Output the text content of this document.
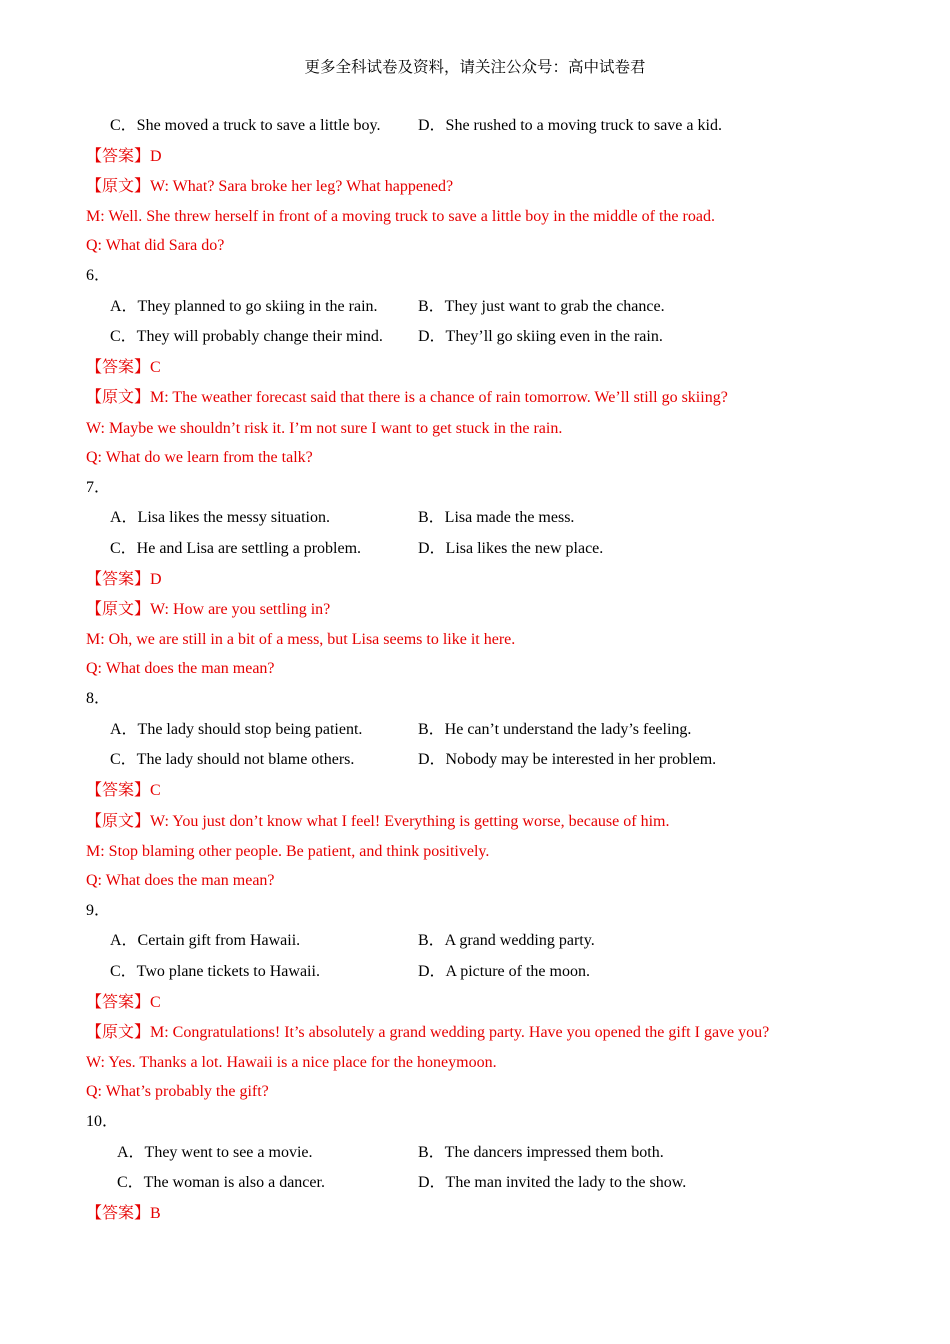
更多全科试卷及资料，请关注公众号：高中试卷君
C．She moved a truck to save a little boy. D．She rushed to a moving truck to save a kid.
【答案】D
【原文】W: What? Sara broke her leg? What happened?
M: Well. She threw herself in front of a moving truck to save a little boy in the middle of the road.
Q: What did Sara do?
6．
A．They planned to go skiing in the rain.	B．They just want to grab the chance.
C．They will probably change their mind. D．They’ll go skiing even in the rain.
【答案】C
【原文】M: The weather forecast said that there is a chance of rain tomorrow. We’ll still go skiing?
W: Maybe we shouldn’t risk it. I’m not sure I want to get stuck in the rain.
Q: What do we learn from the talk?
7．
A．Lisa likes the messy situation.	B．Lisa made the mess.
C．He and Lisa are settling a problem.	D．Lisa likes the new place.
【答案】D
【原文】W: How are you settling in?
M: Oh, we are still in a bit of a mess, but Lisa seems to like it here.
Q: What does the man mean?
8．
A．The lady should stop being patient.	B．He can’t understand the lady’s feeling.
C．The lady should not blame others.	D．Nobody may be interested in her problem.
【答案】C
【原文】W: You just don’t know what I feel! Everything is getting worse, because of him.
M: Stop blaming other people. Be patient, and think positively.
Q: What does the man mean?
9．
A．Certain gift from Hawaii.	B．A grand wedding party.
C．Two plane tickets to Hawaii.	D．A picture of the moon.
【答案】C
【原文】M: Congratulations! It’s absolutely a grand wedding party. Have you opened the gift I gave you?
W: Yes. Thanks a lot. Hawaii is a nice place for the honeymoon.
Q: What’s probably the gift?
10．
A．They went to see a movie.	B．The dancers impressed them both.
C．The woman is also a dancer.	D．The man invited the lady to the show.
【答案】B
